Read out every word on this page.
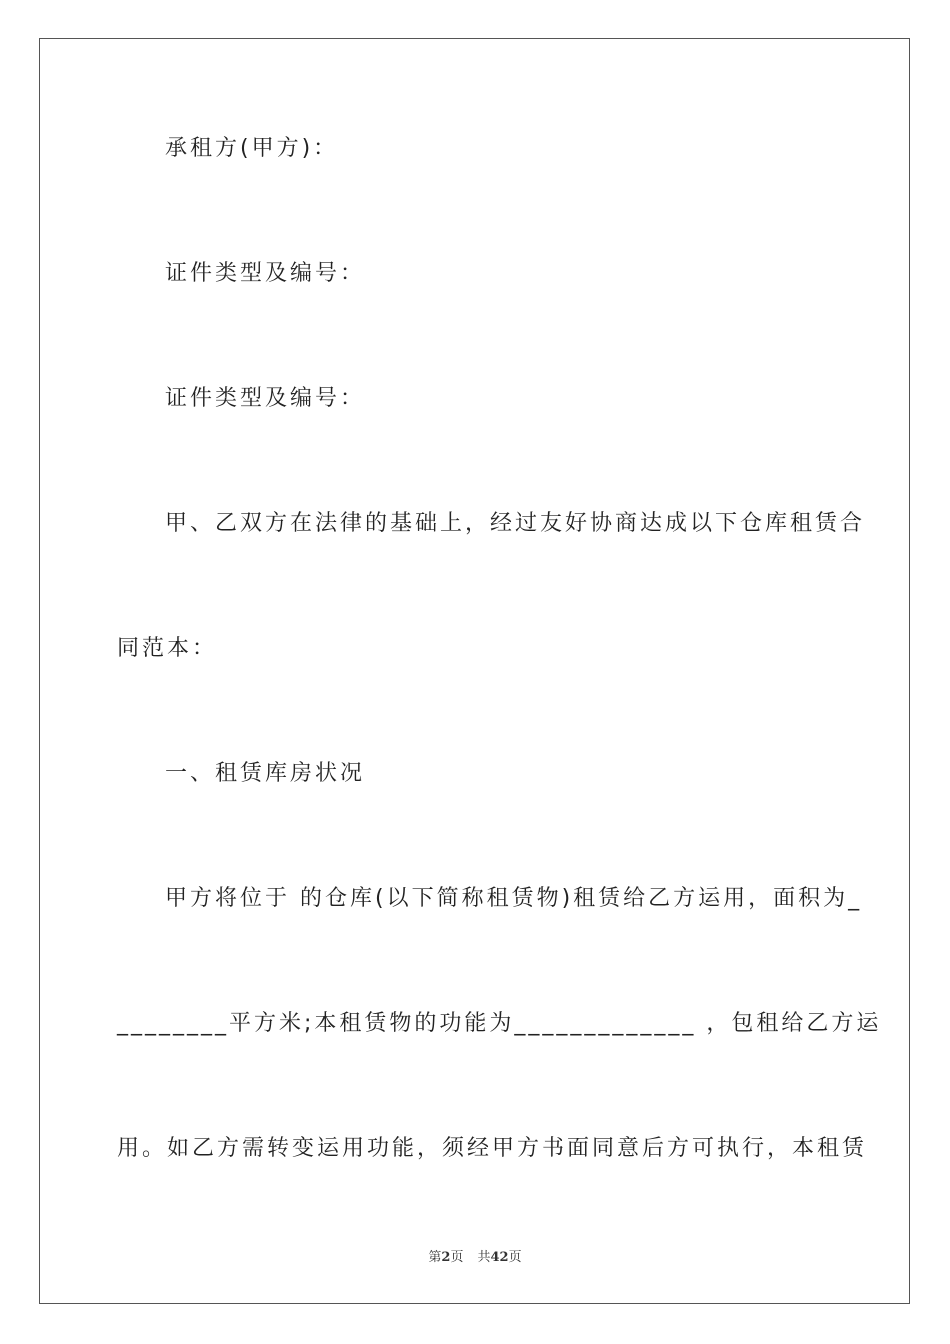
承租方(甲方)：
证件类型及编号：
证件类型及编号：
甲、乙双方在法律的基础上，经过友好协商达成以下仓库租赁合
同范本：
一、租赁库房状况
甲方将位于 的仓库(以下简称租赁物)租赁给乙方运用，面积为_
________平方米;本租赁物的功能为_____________ ，包租给乙方运
用。如乙方需转变运用功能，须经甲方书面同意后方可执行，本租赁
第2页 共42页
